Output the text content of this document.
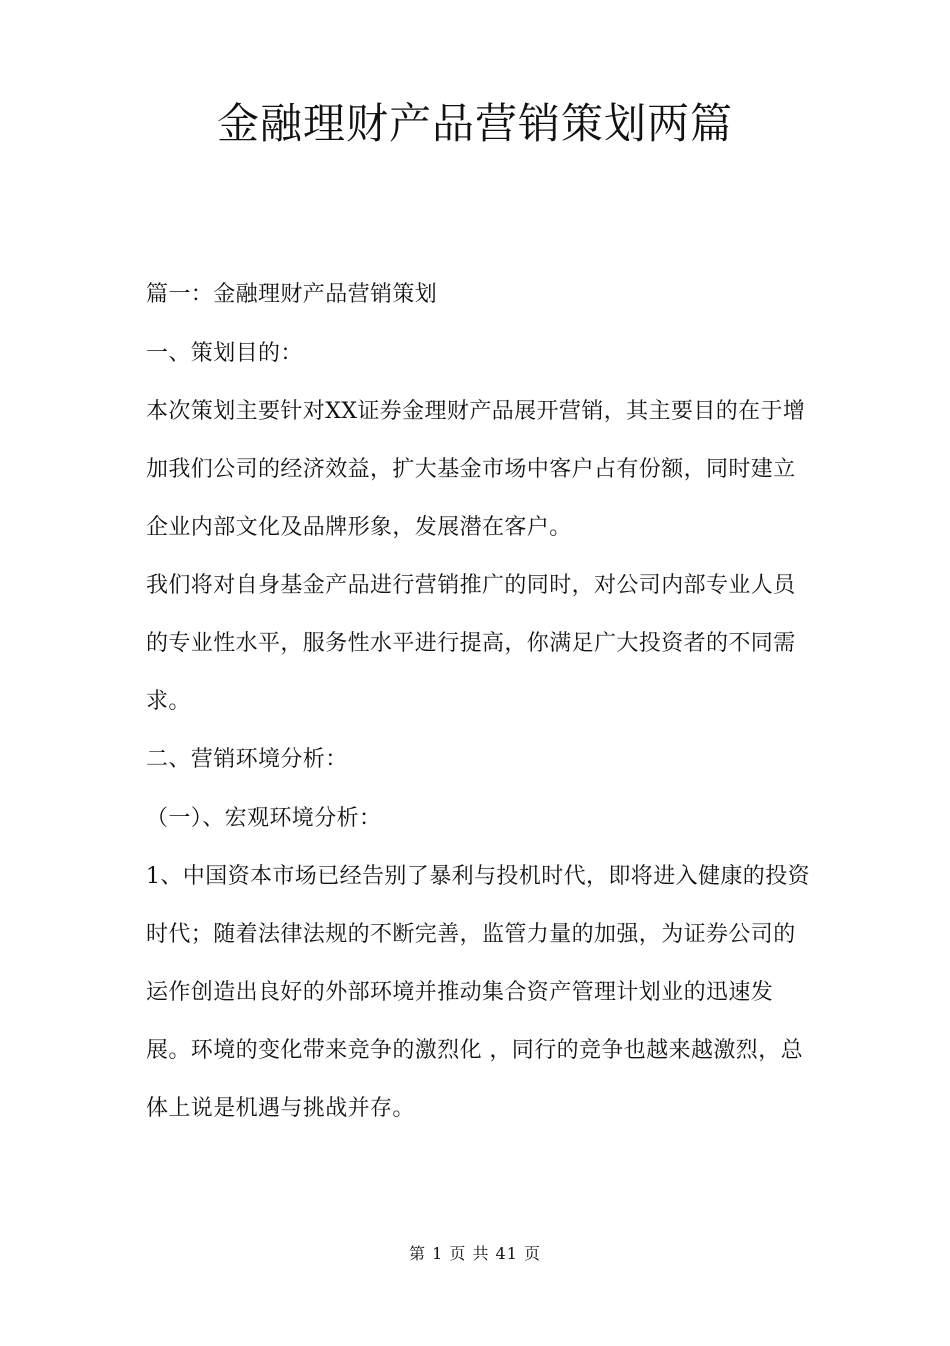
金融理财产品营销策划两篇

篇一：金融理财产品营销策划

一、策划目的：

本次策划主要针对XX证券金理财产品展开营销，其主要目的在于增

加我们公司的经济效益，扩大基金市场中客户占有份额，同时建立

企业内部文化及品牌形象，发展潜在客户。

我们将对自身基金产品进行营销推广的同时，对公司内部专业人员

的专业性水平，服务性水平进行提高，你满足广大投资者的不同需

求。

二、营销环境分析：

（一）、宏观环境分析：

1、中国资本市场已经告别了暴利与投机时代，即将进入健康的投资

时代；随着法律法规的不断完善，监管力量的加强，为证券公司的

运作创造出良好的外部环境并推动集合资产管理计划业的迅速发

展。环境的变化带来竞争的激烈化 ，同行的竞争也越来越激烈，总

体上说是机遇与挑战并存。

第 1 页 共 41 页
